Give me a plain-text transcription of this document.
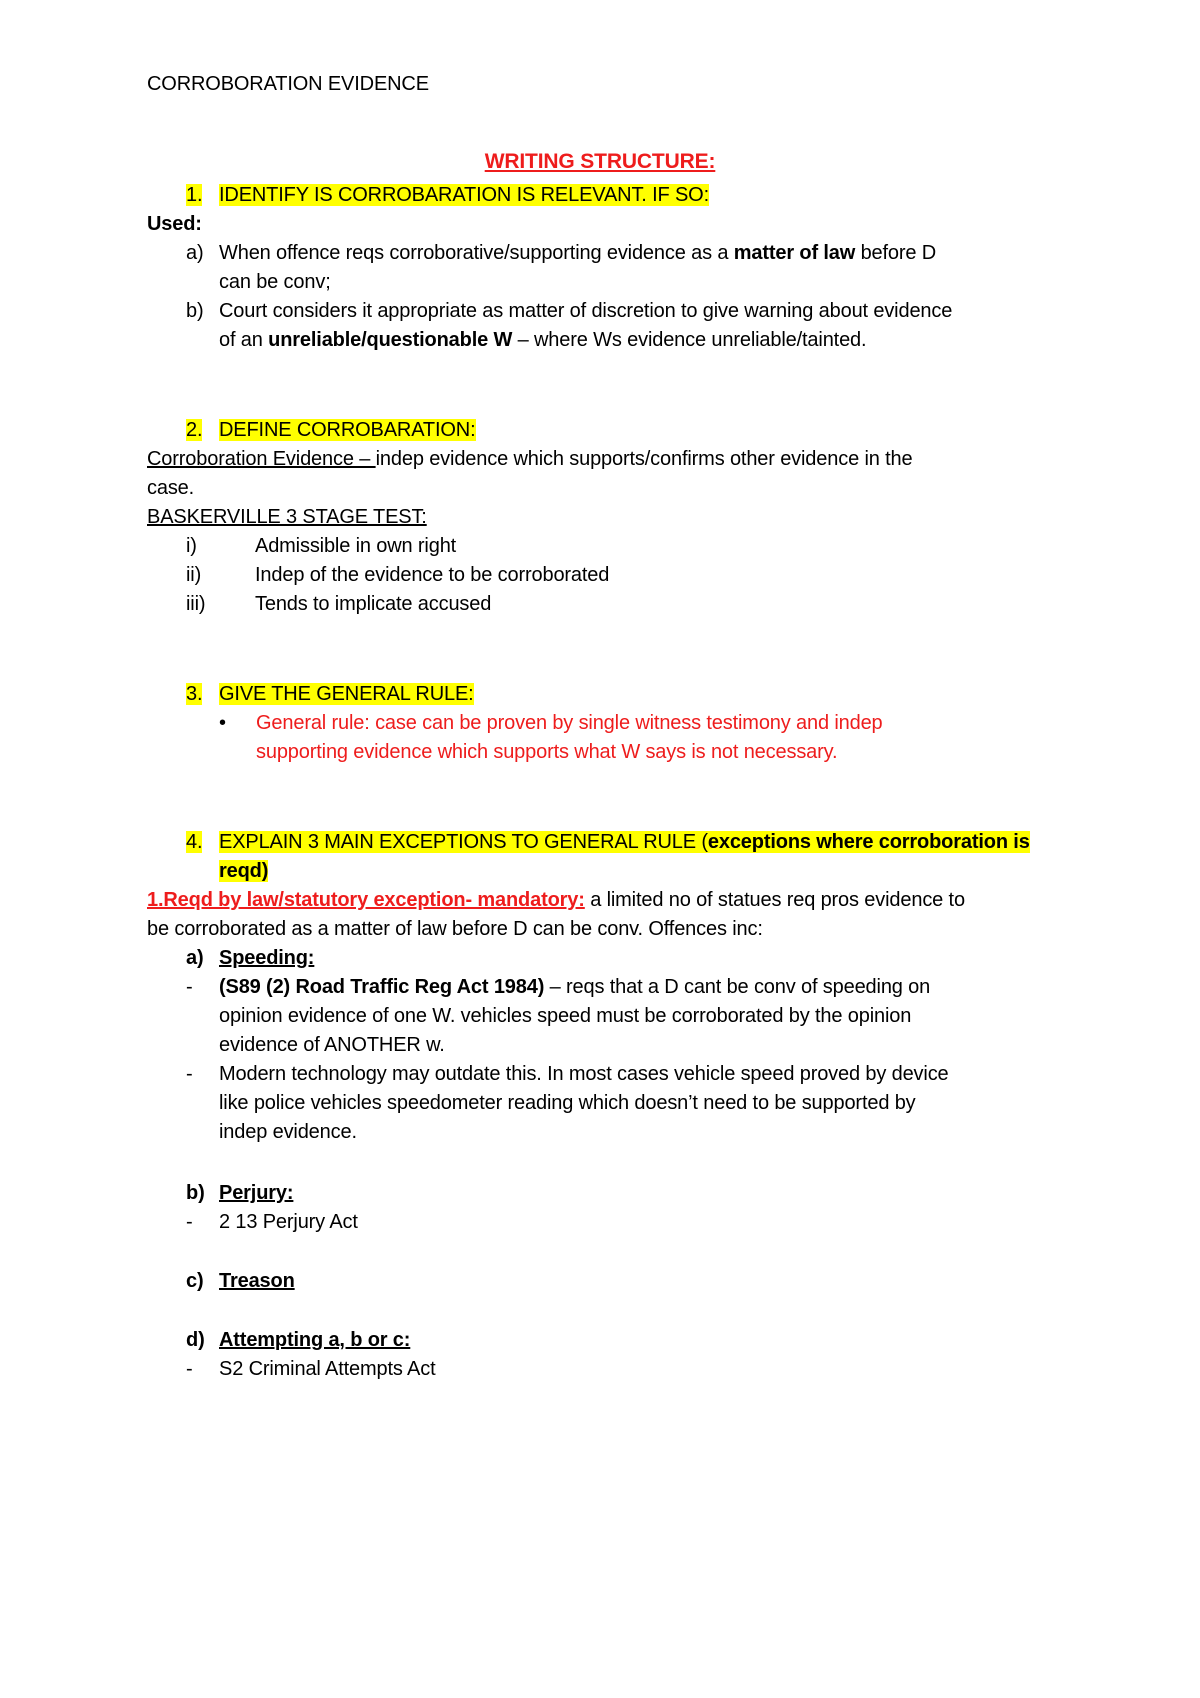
CORROBORATION EVIDENCE
WRITING STRUCTURE:
1. IDENTIFY IS CORROBARATION IS RELEVANT. IF SO:
Used:
a) When offence reqs corroborative/supporting evidence as a matter of law before D
can be conv;
b) Court considers it appropriate as matter of discretion to give warning about evidence
of an unreliable/questionable W – where Ws evidence unreliable/tainted.
2. DEFINE CORROBARATION:
Corroboration Evidence – indep evidence which supports/confirms other evidence in the
case.
BASKERVILLE 3 STAGE TEST:
i)	Admissible in own right
ii)	Indep of the evidence to be corroborated
iii) Tends to implicate accused
3. GIVE THE GENERAL RULE:
• General rule: case can be proven by single witness testimony and indep
supporting evidence which supports what W says is not necessary.
4. EXPLAIN 3 MAIN EXCEPTIONS TO GENERAL RULE (exceptions where corroboration is
reqd)
1.Reqd by law/statutory exception- mandatory: a limited no of statues req pros evidence to
be corroborated as a matter of law before D can be conv. Offences inc:
a) Speeding:
- (S89 (2) Road Traffic Reg Act 1984) – reqs that a D cant be conv of speeding on
opinion evidence of one W. vehicles speed must be corroborated by the opinion
evidence of ANOTHER w.
- Modern technology may outdate this. In most cases vehicle speed proved by device
like police vehicles speedometer reading which doesn’t need to be supported by
indep evidence.
b) Perjury:
- 2 13 Perjury Act
c) Treason
d) Attempting a, b or c:
- S2 Criminal Attempts Act
